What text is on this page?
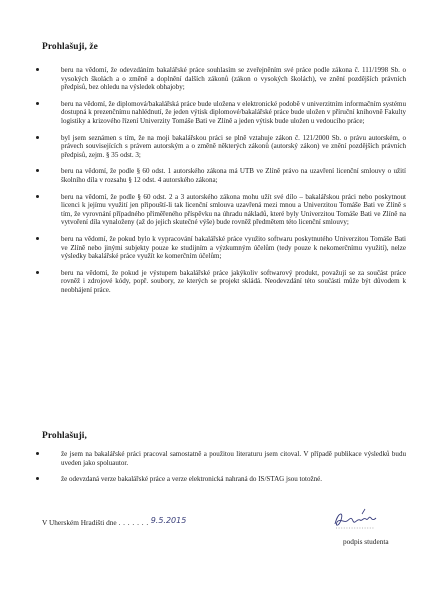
Prohlašuji, že
beru na vědomí, že odevzdáním bakalářské práce souhlasím se zveřejněním své práce podle zákona č. 111/1998 Sb. o vysokých školách a o změně a doplnění dalších zákonů (zákon o vysokých školách), ve znění pozdějších právních předpisů, bez ohledu na výsledek obhajoby;
beru na vědomí, že diplomová/bakalářská práce bude uložena v elektronické podobě v univerzitním informačním systému dostupná k prezenčnímu nahlédnutí, že jeden výtisk diplomové/bakalářské práce bude uložen v příruční knihovně Fakulty logistiky a krizového řízení Univerzity Tomáše Bati ve Zlíně a jeden výtisk bude uložen u vedoucího práce;
byl jsem seznámen s tím, že na moji bakalářskou práci se plně vztahuje zákon č. 121/2000 Sb. o právu autorském, o právech souvisejících s právem autorským a o změně některých zákonů (autorský zákon) ve znění pozdějších právních předpisů, zejm. § 35 odst. 3;
beru na vědomí, že podle § 60 odst. 1 autorského zákona má UTB ve Zlíně právo na uzavření licenční smlouvy o užití školního díla v rozsahu § 12 odst. 4 autorského zákona;
beru na vědomí, že podle § 60 odst. 2 a 3 autorského zákona mohu užít své dílo – bakalářskou práci nebo poskytnout licenci k jejímu využití jen připouští-li tak licenční smlouva uzavřená mezi mnou a Univerzitou Tomáše Bati ve Zlíně s tím, že vyrovnání případného přiměřeného příspěvku na úhradu nákladů, které byly Univerzitou Tomáše Bati ve Zlíně na vytvoření díla vynaloženy (až do jejich skutečné výše) bude rovněž předmětem této licenční smlouvy;
beru na vědomí, že pokud bylo k vypracování bakalářské práce využito softwaru poskytnutého Univerzitou Tomáše Bati ve Zlíně nebo jinými subjekty pouze ke studijním a výzkumným účelům (tedy pouze k nekomerčnímu využití), nelze výsledky bakalářské práce využít ke komerčním účelům;
beru na vědomí, že pokud je výstupem bakalářské práce jakýkoliv softwarový produkt, považují se za součást práce rovněž i zdrojové kódy, popř. soubory, ze kterých se projekt skládá. Neodevzdání této součásti může být důvodem k neobhájení práce.
Prohlašuji,
že jsem na bakalářské práci pracoval samostatně a použitou literaturu jsem citoval. V případě publikace výsledků budu uveden jako spoluautor.
že odevzdaná verze bakalářské práce a verze elektronická nahraná do IS/STAG jsou totožné.
V Uherském Hradišti dne . . . . . . . 9.5.2015
podpis studenta
